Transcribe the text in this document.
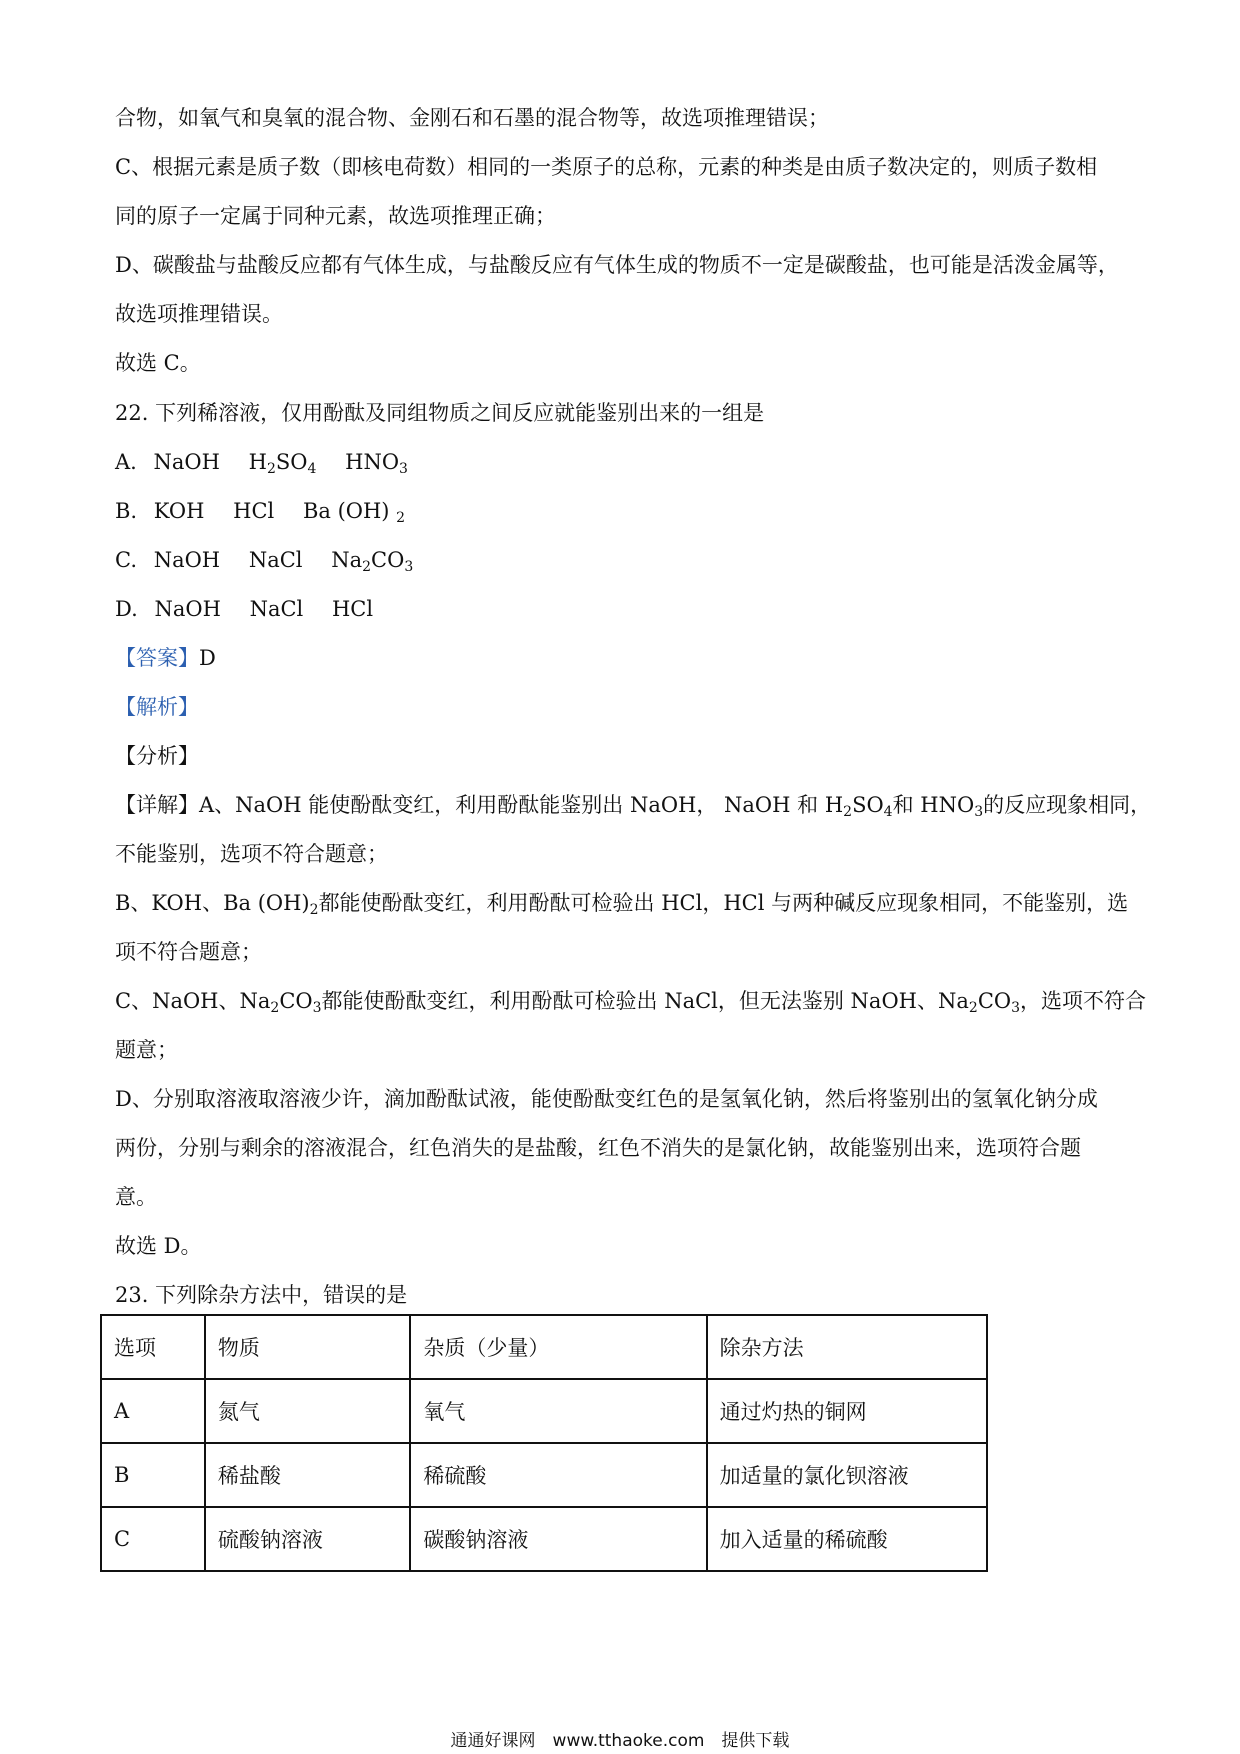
合物，如氧气和臭氧的混合物、金刚石和石墨的混合物等，故选项推理错误；
C、根据元素是质子数（即核电荷数）相同的一类原子的总称，元素的种类是由质子数决定的，则质子数相
同的原子一定属于同种元素，故选项推理正确；
D、碳酸盐与盐酸反应都有气体生成，与盐酸反应有气体生成的物质不一定是碳酸盐，也可能是活泼金属等，
故选项推理错误。
故选 C。
22. 下列稀溶液，仅用酚酞及同组物质之间反应就能鉴别出来的一组是
A. NaOH $H_2SO_4$ $HNO_3$
B. KOH HCl Ba (OH) $_2$
C. NaOH NaCl $Na_2CO_3$
D. NaOH NaCl HCl
【答案】D
【解析】
【分析】
【详解】A、NaOH 能使酚酞变红，利用酚酞能鉴别出 NaOH， NaOH 和 $H_2SO_4$和 $HNO_3$的反应现象相同，
不能鉴别，选项不符合题意；
B、KOH、Ba $(OH)_2$都能使酚酞变红，利用酚酞可检验出 HCl，HCl 与两种碱反应现象相同，不能鉴别，选
项不符合题意；
C、NaOH、$Na_2CO_3$都能使酚酞变红，利用酚酞可检验出 NaCl，但无法鉴别 NaOH、$Na_2CO_3$，选项不符合
题意；
D、分别取溶液取溶液少许，滴加酚酞试液，能使酚酞变红色的是氢氧化钠，然后将鉴别出的氢氧化钠分成
两份，分别与剩余的溶液混合，红色消失的是盐酸，红色不消失的是氯化钠，故能鉴别出来，选项符合题
意。
故选 D。
23. 下列除杂方法中，错误的是
选项	物质	杂质（少量）	除杂方法
A	氮气	氧气	通过灼热的铜网
B	稀盐酸	稀硫酸	加适量的氯化钡溶液
C	硫酸钠溶液	碳酸钠溶液	加入适量的稀硫酸
通通好课网　www.tthaoke.com　提供下载
